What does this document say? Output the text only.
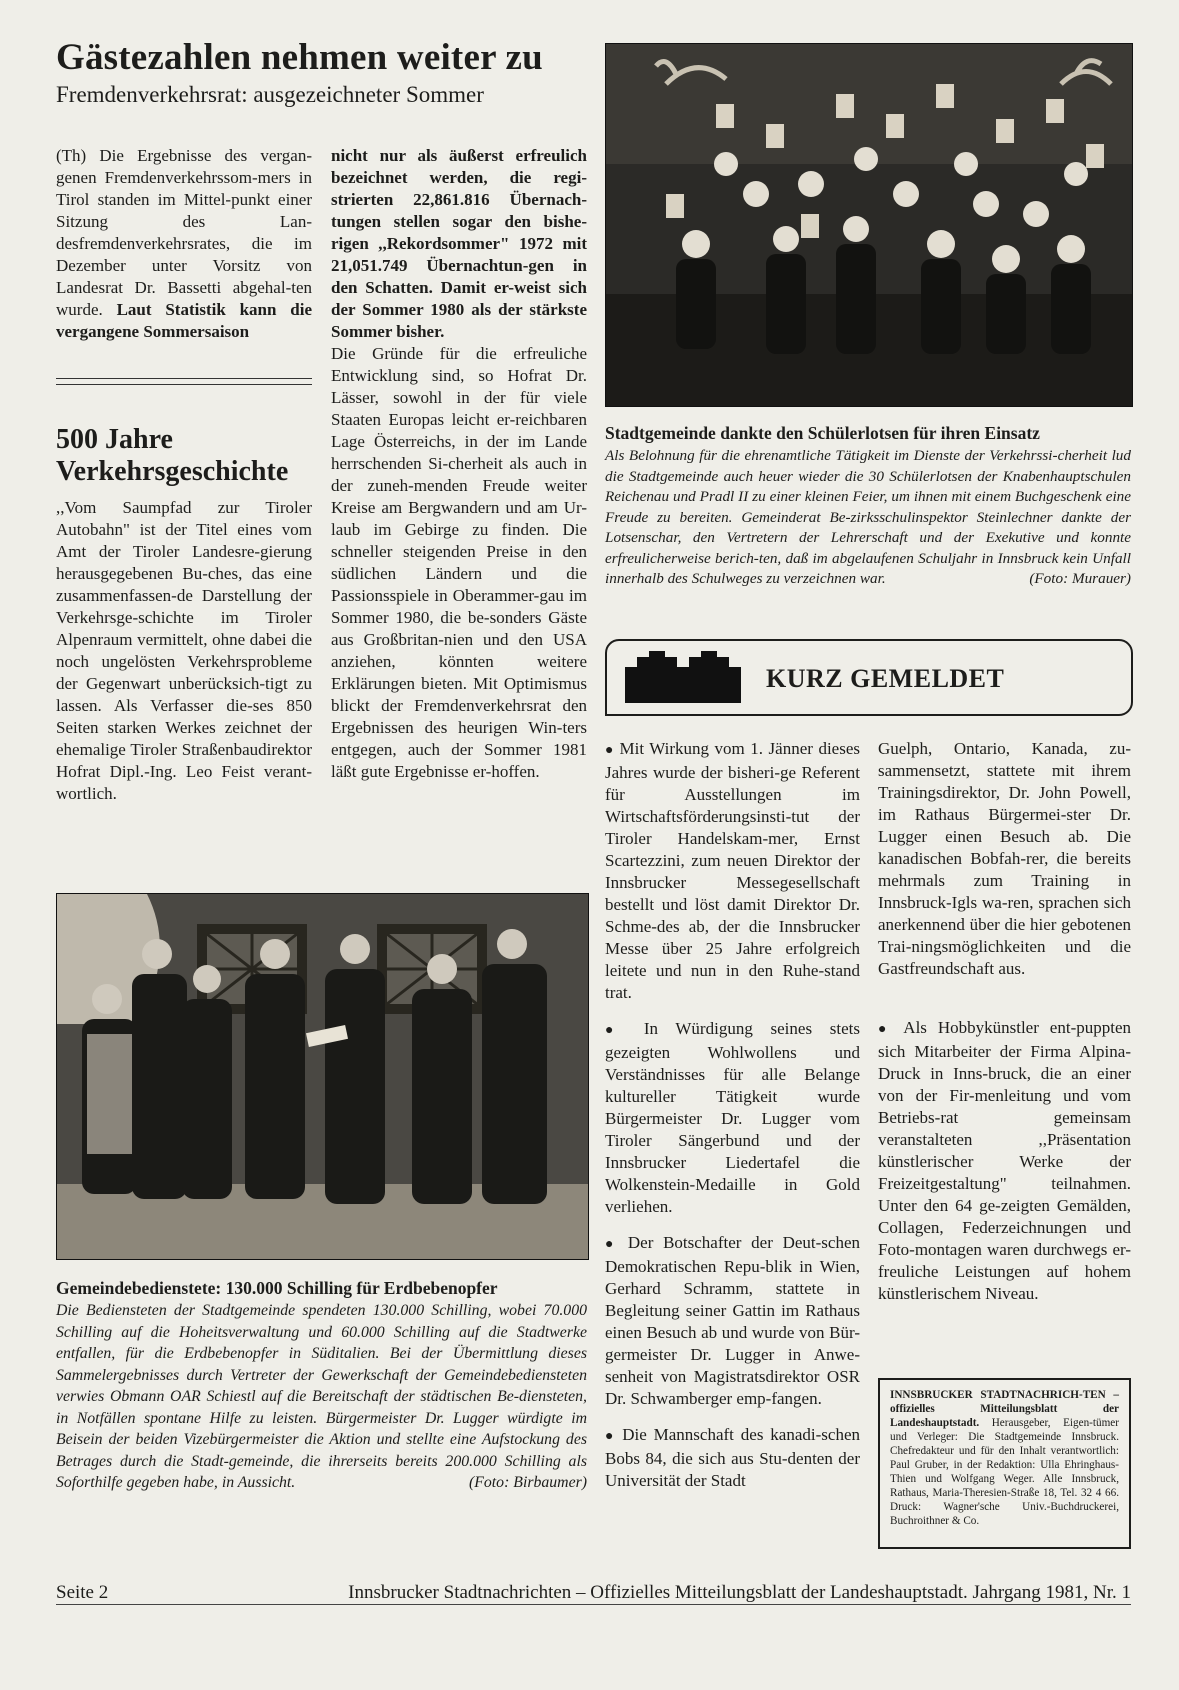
Gästezahlen nehmen weiter zu
Fremdenverkehrsrat: ausgezeichneter Sommer

(Th) Die Ergebnisse des vergan-genen Fremdenverkehrssom-mers in Tirol standen im Mittel-punkt einer Sitzung des Lan-desfremdenverkehrsrates, die im Dezember unter Vorsitz von Landesrat Dr. Bassetti abgehal-ten wurde. Laut Statistik kann die vergangene Sommersaison

nicht nur als äußerst erfreulich bezeichnet werden, die regi-strierten 22,861.816 Übernach-tungen stellen sogar den bishe-rigen ,,Rekordsommer" 1972 mit 21,051.749 Übernachtun-gen in den Schatten. Damit er-weist sich der Sommer 1980 als der stärkste Sommer bisher.

Die Gründe für die erfreuliche Entwicklung sind, so Hofrat Dr. Lässer, sowohl in der für viele Staaten Europas leicht er-reichbaren Lage Österreichs, in der im Lande herrschenden Si-cherheit als auch in der zuneh-menden Freude weiter Kreise am Bergwandern und am Ur-laub im Gebirge zu finden. Die schneller steigenden Preise in den südlichen Ländern und die Passionsspiele in Oberammer-gau im Sommer 1980, die be-sonders Gäste aus Großbritan-nien und den USA anziehen, könnten weitere Erklärungen bieten. Mit Optimismus blickt der Fremdenverkehrsrat den Ergebnissen des heurigen Win-ters entgegen, auch der Sommer 1981 läßt gute Ergebnisse er-hoffen.

500 Jahre Verkehrsgeschichte
,,Vom Saumpfad zur Tiroler Autobahn" ist der Titel eines vom Amt der Tiroler Landesre-gierung herausgegebenen Bu-ches, das eine zusammenfassen-de Darstellung der Verkehrsge-schichte im Tiroler Alpenraum vermittelt, ohne dabei die noch ungelösten Verkehrsprobleme der Gegenwart unberücksich-tigt zu lassen. Als Verfasser die-ses 850 Seiten starken Werkes zeichnet der ehemalige Tiroler Straßenbaudirektor Hofrat Dipl.-Ing. Leo Feist verant-wortlich.
Stadtgemeinde dankte den Schülerlotsen für ihren Einsatz
Als Belohnung für die ehrenamtliche Tätigkeit im Dienste der Verkehrssi-cherheit lud die Stadtgemeinde auch heuer wieder die 30 Schülerlotsen der Knabenhauptschulen Reichenau und Pradl II zu einer kleinen Feier, um ihnen mit einem Buchgeschenk eine Freude zu bereiten. Gemeinderat Be-zirksschulinspektor Steinlechner dankte der Lotsenschar, den Vertretern der Lehrerschaft und der Exekutive und konnte erfreulicherweise berich-ten, daß im abgelaufenen Schuljahr in Innsbruck kein Unfall innerhalb des Schulweges zu verzeichnen war.	(Foto: Murauer)
KURZ GEMELDET

● Mit Wirkung vom 1. Jänner dieses Jahres wurde der bisheri-ge Referent für Ausstellungen im Wirtschaftsförderungsinsti-tut der Tiroler Handelskam-mer, Ernst Scartezzini, zum neuen Direktor der Innsbrucker Messegesellschaft bestellt und löst damit Direktor Dr. Schme-des ab, der die Innsbrucker Messe über 25 Jahre erfolgreich leitete und nun in den Ruhe-stand trat.

● In Würdigung seines stets gezeigten Wohlwollens und Verständnisses für alle Belange kultureller Tätigkeit wurde Bürgermeister Dr. Lugger vom Tiroler Sängerbund und der Innsbrucker Liedertafel die Wolkenstein-Medaille in Gold verliehen.

● Der Botschafter der Deut-schen Demokratischen Repu-blik in Wien, Gerhard Schramm, stattete in Begleitung seiner Gattin im Rathaus einen Besuch ab und wurde von Bür-germeister Dr. Lugger in Anwe-senheit von Magistratsdirektor OSR Dr. Schwamberger emp-fangen.

● Die Mannschaft des kanadi-schen Bobs 84, die sich aus Stu-denten der Universität der Stadt

Guelph, Ontario, Kanada, zu-sammensetzt, stattete mit ihrem Trainingsdirektor, Dr. John Powell, im Rathaus Bürgermei-ster Dr. Lugger einen Besuch ab. Die kanadischen Bobfah-rer, die bereits mehrmals zum Training in Innsbruck-Igls wa-ren, sprachen sich anerkennend über die hier gebotenen Trai-ningsmöglichkeiten und die Gastfreundschaft aus.

● Als Hobbykünstler ent-puppten sich Mitarbeiter der Firma Alpina-Druck in Inns-bruck, die an einer von der Fir-menleitung und vom Betriebs-rat gemeinsam veranstalteten ,,Präsentation künstlerischer Werke der Freizeitgestaltung" teilnahmen. Unter den 64 ge-zeigten Gemälden, Collagen, Federzeichnungen und Foto-montagen waren durchwegs er-freuliche Leistungen auf hohem künstlerischem Niveau.

INNSBRUCKER STADTNACHRICH-TEN – offizielles Mitteilungsblatt der Landeshauptstadt. Herausgeber, Eigen-tümer und Verleger: Die Stadtgemeinde Innsbruck. Chefredakteur und für den Inhalt verantwortlich: Paul Gruber, in der Redaktion: Ulla Ehringhaus-Thien und Wolfgang Weger. Alle Innsbruck, Rathaus, Maria-Theresien-Straße 18, Tel. 32 4 66. Druck: Wagner'sche Univ.-Buchdruckerei, Buchroithner & Co.
Gemeindebedienstete: 130.000 Schilling für Erdbebenopfer
Die Bediensteten der Stadtgemeinde spendeten 130.000 Schilling, wobei 70.000 Schilling auf die Hoheitsverwaltung und 60.000 Schilling auf die Stadtwerke entfallen, für die Erdbebenopfer in Süditalien. Bei der Übermittlung dieses Sammelergebnisses durch Vertreter der Gewerkschaft der Gemeindebediensteten verwies Obmann OAR Schiestl auf die Bereitschaft der städtischen Be-diensteten, in Notfällen spontane Hilfe zu leisten. Bürgermeister Dr. Lugger würdigte im Beisein der beiden Vizebürgermeister die Aktion und stellte eine Aufstockung des Betrages durch die Stadt-gemeinde, die ihrerseits bereits 200.000 Schilling als Soforthilfe gegeben habe, in Aussicht.	(Foto: Birbaumer)
Seite 2	Innsbrucker Stadtnachrichten – Offizielles Mitteilungsblatt der Landeshauptstadt. Jahrgang 1981, Nr. 1
